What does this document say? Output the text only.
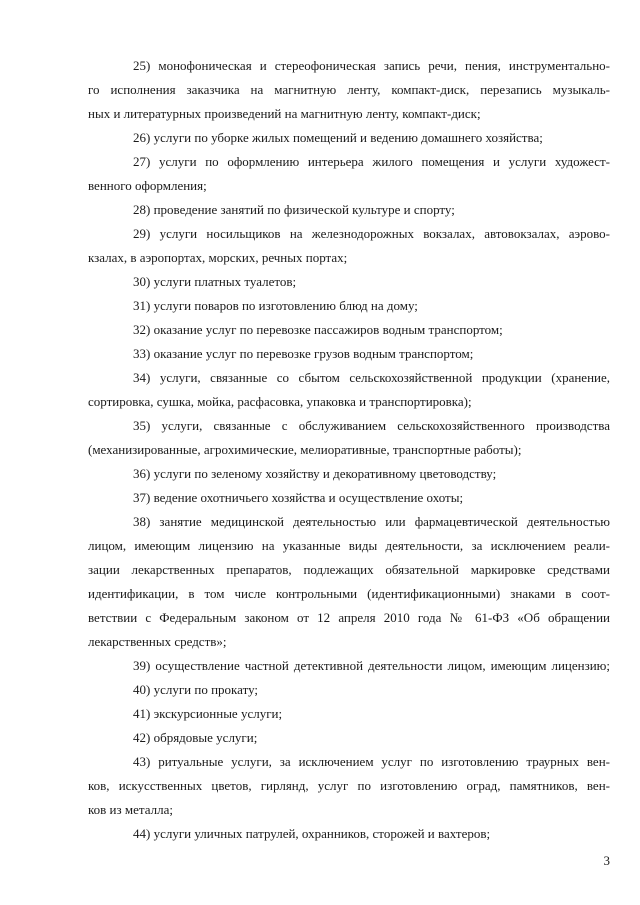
25) монофоническая и стереофоническая запись речи, пения, инструментально-
го исполнения заказчика на магнитную ленту, компакт-диск, перезапись музыкаль-
ных и литературных произведений на магнитную ленту, компакт-диск;
26) услуги по уборке жилых помещений и ведению домашнего хозяйства;
27) услуги по оформлению интерьера жилого помещения и услуги художест-
венного оформления;
28) проведение занятий по физической культуре и спорту;
29) услуги носильщиков на железнодорожных вокзалах, автовокзалах, аэрово-
кзалах, в аэропортах, морских, речных портах;
30) услуги платных туалетов;
31) услуги поваров по изготовлению блюд на дому;
32) оказание услуг по перевозке пассажиров водным транспортом;
33) оказание услуг по перевозке грузов водным транспортом;
34) услуги, связанные со сбытом сельскохозяйственной продукции (хранение,
сортировка, сушка, мойка, расфасовка, упаковка и транспортировка);
35) услуги, связанные с обслуживанием сельскохозяйственного производства
(механизированные, агрохимические, мелиоративные, транспортные работы);
36) услуги по зеленому хозяйству и декоративному цветоводству;
37) ведение охотничьего хозяйства и осуществление охоты;
38) занятие медицинской деятельностью или фармацевтической деятельностью
лицом, имеющим лицензию на указанные виды деятельности, за исключением реали-
зации лекарственных препаратов, подлежащих обязательной маркировке средствами
идентификации, в том числе контрольными (идентификационными) знаками в соот-
ветствии с Федеральным законом от 12 апреля 2010 года № 61-ФЗ «Об обращении
лекарственных средств»;
39) осуществление частной детективной деятельности лицом, имеющим лицензию;
40) услуги по прокату;
41) экскурсионные услуги;
42) обрядовые услуги;
43) ритуальные услуги, за исключением услуг по изготовлению траурных вен-
ков, искусственных цветов, гирлянд, услуг по изготовлению оград, памятников, вен-
ков из металла;
44) услуги уличных патрулей, охранников, сторожей и вахтеров;
3
